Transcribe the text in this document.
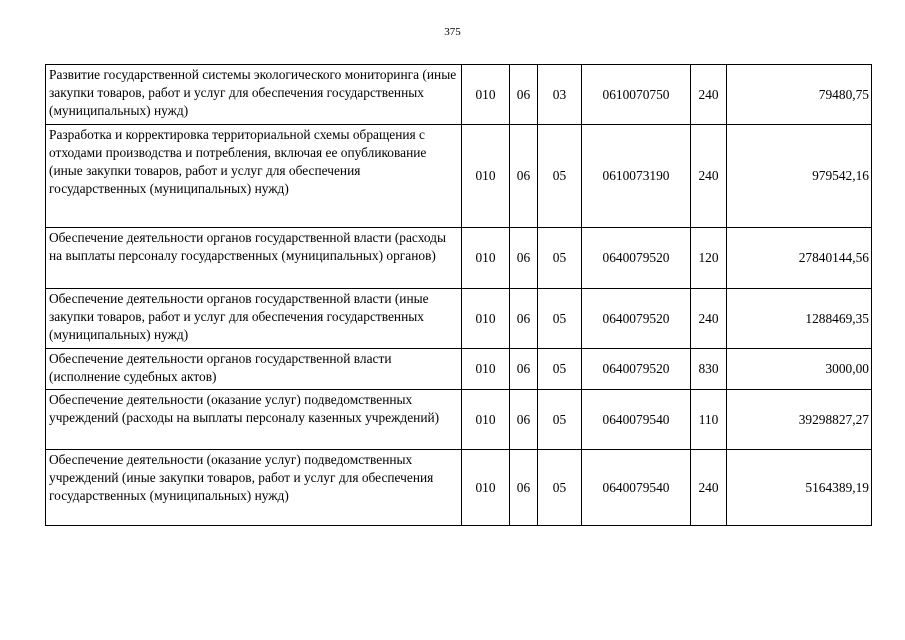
375
Развитие государственной системы экологического мониторинга (иные закупки товаров, работ и услуг для обеспечения государственных (муниципальных) нужд)	010	06	03	0610070750	240	79480,75
Разработка и корректировка территориальной схемы обращения с отходами производства и потребления, включая ее опубликование (иные закупки товаров, работ и услуг для обеспечения государственных (муниципальных) нужд)	010	06	05	0610073190	240	979542,16
Обеспечение деятельности органов государственной власти (расходы на выплаты персоналу государственных (муниципальных) органов)	010	06	05	0640079520	120	27840144,56
Обеспечение деятельности органов государственной власти (иные закупки товаров, работ и услуг для обеспечения государственных (муниципальных) нужд)	010	06	05	0640079520	240	1288469,35
Обеспечение деятельности органов государственной власти (исполнение судебных актов)	010	06	05	0640079520	830	3000,00
Обеспечение деятельности (оказание услуг) подведомственных учреждений (расходы на выплаты персоналу казенных учреждений)	010	06	05	0640079540	110	39298827,27
Обеспечение деятельности (оказание услуг) подведомственных учреждений (иные закупки товаров, работ и услуг для обеспечения государственных (муниципальных) нужд)	010	06	05	0640079540	240	5164389,19
